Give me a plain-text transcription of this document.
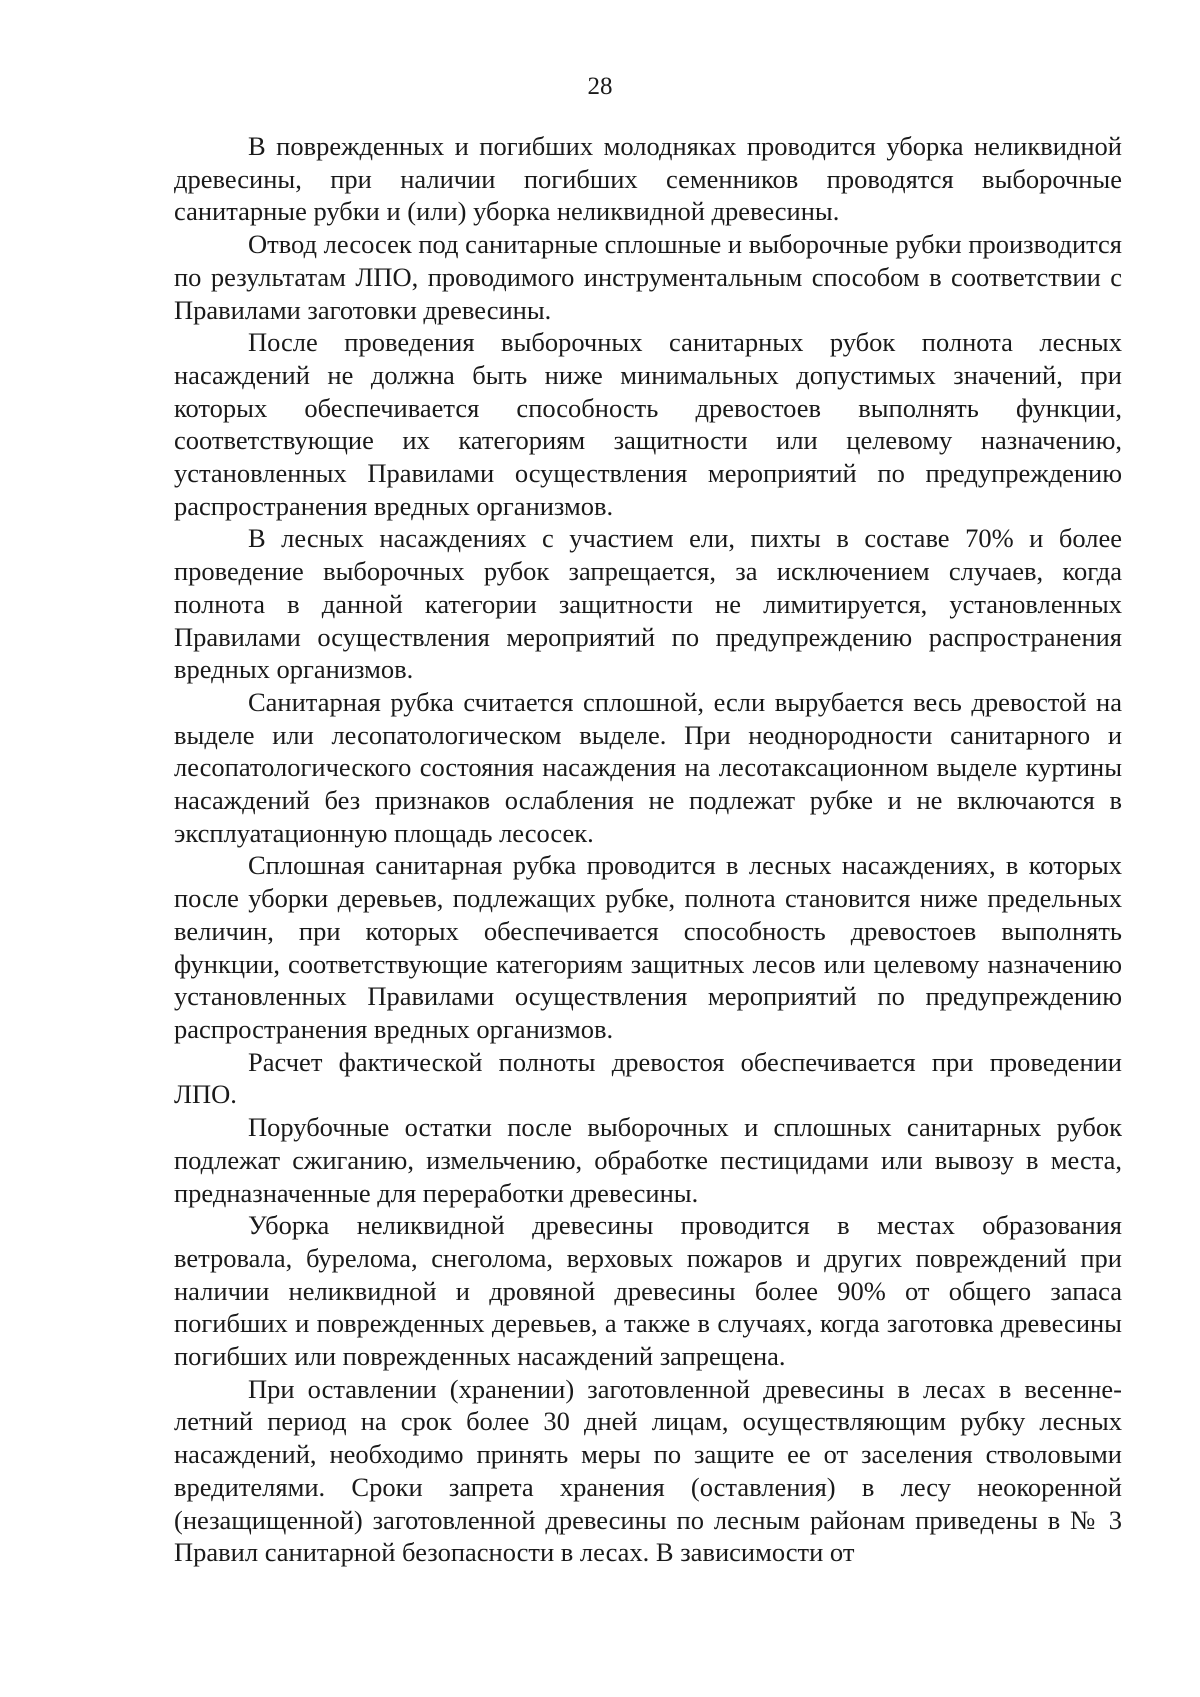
28

В поврежденных и погибших молодняках проводится уборка неликвидной древесины, при наличии погибших семенников проводятся выборочные санитарные рубки и (или) уборка неликвидной древесины.

Отвод лесосек под санитарные сплошные и выборочные рубки производится по результатам ЛПО, проводимого инструментальным способом в соответствии с Правилами заготовки древесины.

После проведения выборочных санитарных рубок полнота лесных насаждений не должна быть ниже минимальных допустимых значений, при которых обеспечивается способность древостоев выполнять функции, соответствующие их категориям защитности или целевому назначению, установленных Правилами осуществления мероприятий по предупреждению распространения вредных организмов.

В лесных насаждениях с участием ели, пихты в составе 70% и более проведение выборочных рубок запрещается, за исключением случаев, когда полнота в данной категории защитности не лимитируется, установленных Правилами осуществления мероприятий по предупреждению распространения вредных организмов.

Санитарная рубка считается сплошной, если вырубается весь древостой на выделе или лесопатологическом выделе. При неоднородности санитарного и лесопатологического состояния насаждения на лесотаксационном выделе куртины насаждений без признаков ослабления не подлежат рубке и не включаются в эксплуатационную площадь лесосек.

Сплошная санитарная рубка проводится в лесных насаждениях, в которых после уборки деревьев, подлежащих рубке, полнота становится ниже предельных величин, при которых обеспечивается способность древостоев выполнять функции, соответствующие категориям защитных лесов или целевому назначению установленных Правилами осуществления мероприятий по предупреждению распространения вредных организмов.

Расчет фактической полноты древостоя обеспечивается при проведении ЛПО.

Порубочные остатки после выборочных и сплошных санитарных рубок подлежат сжиганию, измельчению, обработке пестицидами или вывозу в места, предназначенные для переработки древесины.

Уборка неликвидной древесины проводится в местах образования ветровала, бурелома, снеголома, верховых пожаров и других повреждений при наличии неликвидной и дровяной древесины более 90% от общего запаса погибших и поврежденных деревьев, а также в случаях, когда заготовка древесины погибших или поврежденных насаждений запрещена.

При оставлении (хранении) заготовленной древесины в лесах в весенне-летний период на срок более 30 дней лицам, осуществляющим рубку лесных насаждений, необходимо принять меры по защите ее от заселения стволовыми вредителями. Сроки запрета хранения (оставления) в лесу неокоренной (незащищенной) заготовленной древесины по лесным районам приведены в № 3 Правил санитарной безопасности в лесах. В зависимости от
